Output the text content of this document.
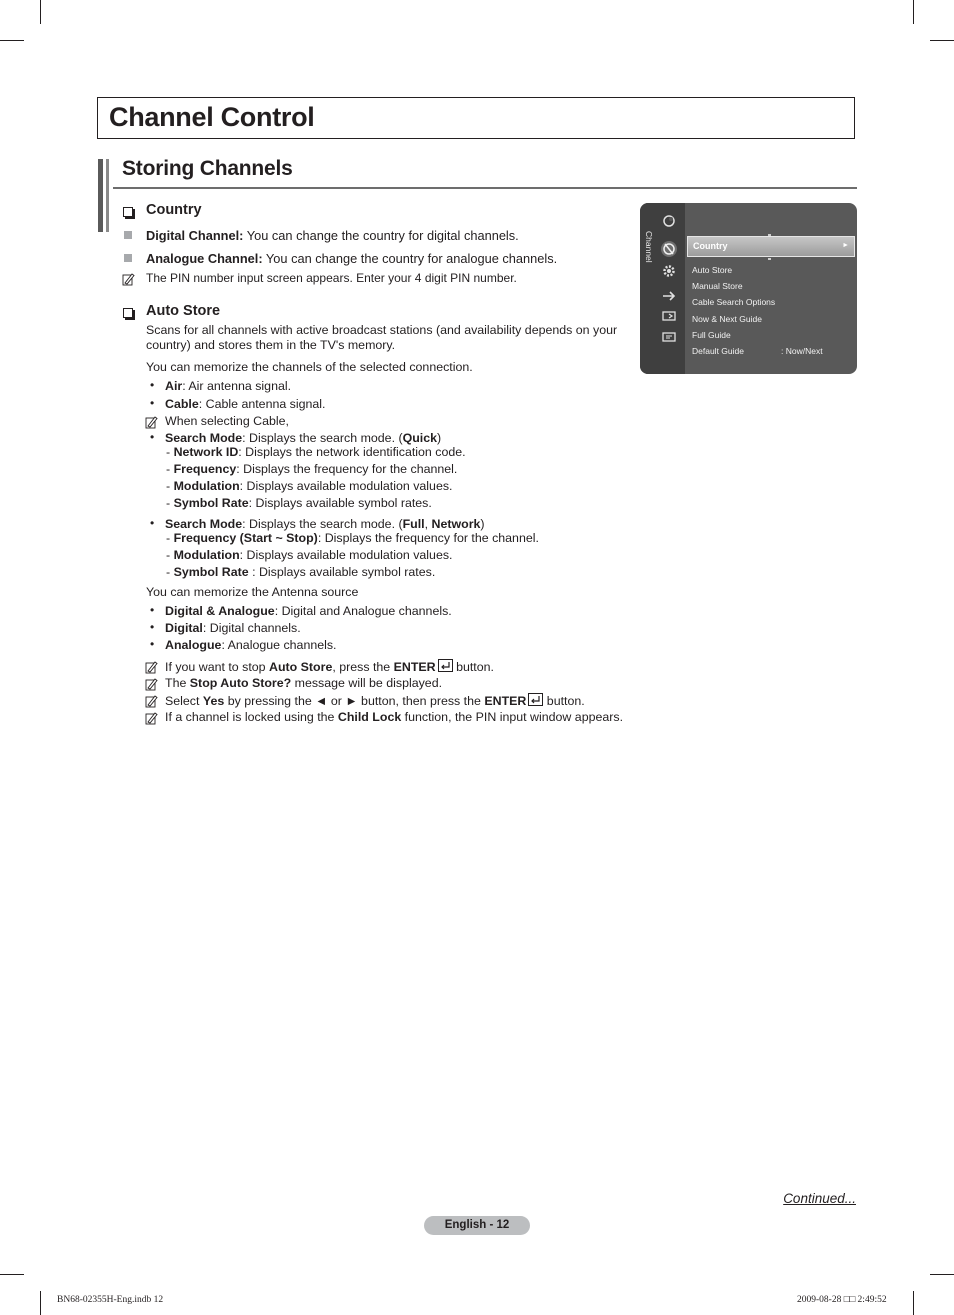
Channel Control
Storing Channels
Country
Digital Channel: You can change the country for digital channels.
Analogue Channel: You can change the country for analogue channels.
The PIN number input screen appears. Enter your 4 digit PIN number.
Auto Store
Scans for all channels with active broadcast stations (and availability depends on your
country) and stores them in the TV's memory.
You can memorize the channels of the selected connection.
• Air: Air antenna signal.
• Cable: Cable antenna signal.
When selecting Cable,
• Search Mode: Displays the search mode. (Quick)
- Network ID: Displays the network identification code.
- Frequency: Displays the frequency for the channel.
- Modulation: Displays available modulation values.
- Symbol Rate: Displays available symbol rates.
• Search Mode: Displays the search mode. (Full, Network)
- Frequency (Start ~ Stop): Displays the frequency for the channel.
- Modulation: Displays available modulation values.
- Symbol Rate : Displays available symbol rates.
You can memorize the Antenna source
• Digital & Analogue: Digital and Analogue channels.
• Digital: Digital channels.
• Analogue: Analogue channels.
If you want to stop Auto Store, press the ENTER button.
The Stop Auto Store? message will be displayed.
Select Yes by pressing the ◄ or ► button, then press the ENTER button.
If a channel is locked using the Child Lock function, the PIN input window appears.
Channel	Country	►
Auto Store
Manual Store
Cable Search Options
Now & Next Guide
Full Guide
Default Guide	: Now/Next
Continued...
English - 12
BN68-02355H-Eng.indb 12	2009-08-28 □□ 2:49:52
